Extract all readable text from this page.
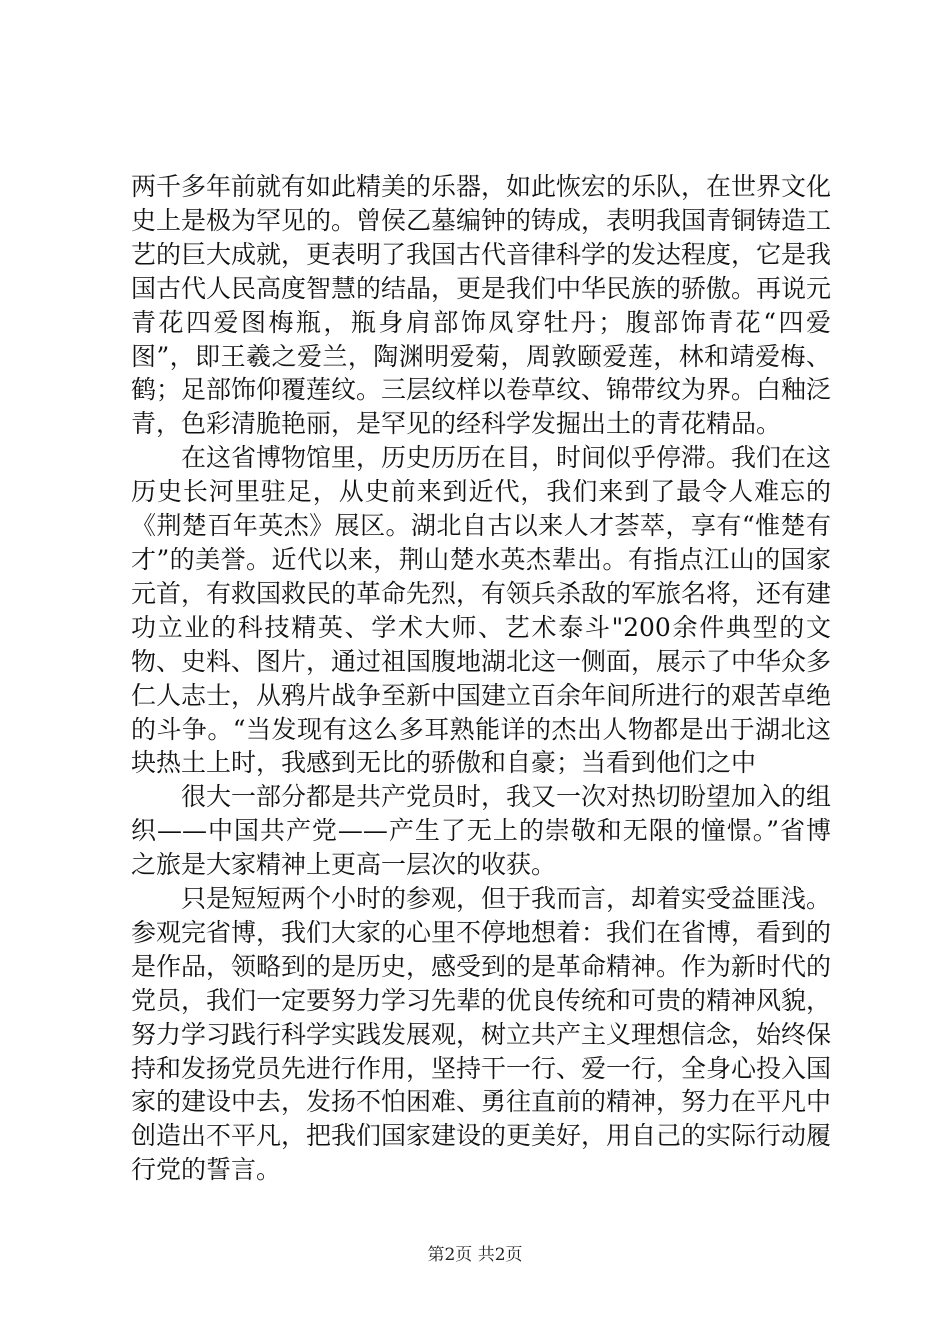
两千多年前就有如此精美的乐器，如此恢宏的乐队，在世界文化史上是极为罕见的。曾侯乙墓编钟的铸成，表明我国青铜铸造工艺的巨大成就，更表明了我国古代音律科学的发达程度，它是我国古代人民高度智慧的结晶，更是我们中华民族的骄傲。再说元青花四爱图梅瓶，瓶身肩部饰凤穿牡丹；腹部饰青花“四爱图”，即王羲之爱兰，陶渊明爱菊，周敦颐爱莲，林和靖爱梅、鹤；足部饰仰覆莲纹。三层纹样以卷草纹、锦带纹为界。白釉泛青，色彩清脆艳丽，是罕见的经科学发掘出土的青花精品。

在这省博物馆里，历史历历在目，时间似乎停滞。我们在这历史长河里驻足，从史前来到近代，我们来到了最令人难忘的《荆楚百年英杰》展区。湖北自古以来人才荟萃，享有“惟楚有才”的美誉。近代以来，荆山楚水英杰辈出。有指点江山的国家元首，有救国救民的革命先烈，有领兵杀敌的军旅名将，还有建功立业的科技精英、学术大师、艺术泰斗"200余件典型的文物、史料、图片，通过祖国腹地湖北这一侧面，展示了中华众多仁人志士，从鸦片战争至新中国建立百余年间所进行的艰苦卓绝的斗争。“当发现有这么多耳熟能详的杰出人物都是出于湖北这块热土上时，我感到无比的骄傲和自豪；当看到他们之中

很大一部分都是共产党员时，我又一次对热切盼望加入的组织——中国共产党——产生了无上的崇敬和无限的憧憬。”省博之旅是大家精神上更高一层次的收获。

只是短短两个小时的参观，但于我而言，却着实受益匪浅。参观完省博，我们大家的心里不停地想着：我们在省博，看到的是作品，领略到的是历史，感受到的是革命精神。作为新时代的党员，我们一定要努力学习先辈的优良传统和可贵的精神风貌，努力学习践行科学实践发展观，树立共产主义理想信念，始终保持和发扬党员先进行作用，坚持干一行、爱一行，全身心投入国家的建设中去，发扬不怕困难、勇往直前的精神，努力在平凡中创造出不平凡，把我们国家建设的更美好，用自己的实际行动履行党的誓言。

第2页 共2页
